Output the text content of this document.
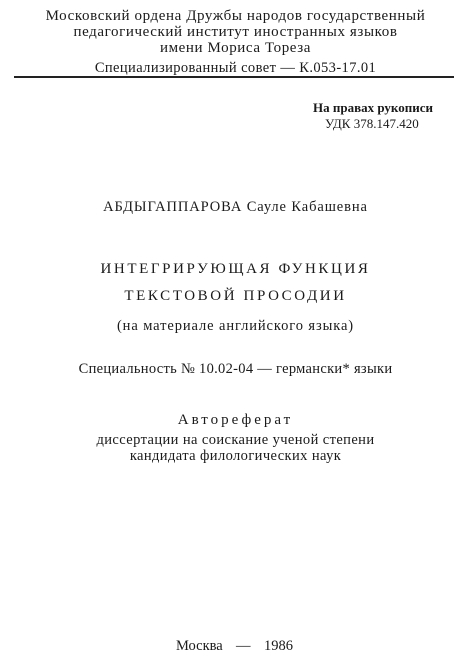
Московский ордена Дружбы народов государственный
педагогический институт иностранных языков
имени Мориса Тореза
Специализированный совет — К.053-17.01
На правах рукописи
УДК 378.147.420
АБДЫГАППАРОВА Сауле Кабашевна
ИНТЕГРИРУЮЩАЯ ФУНКЦИЯ
ТЕКСТОВОЙ ПРОСОДИИ
(на материале английского языка)
Специальность № 10.02-04 — германски* языки
Автореферат
диссертации на соискание ученой степени
кандидата филологических наук
Москва — 1986
